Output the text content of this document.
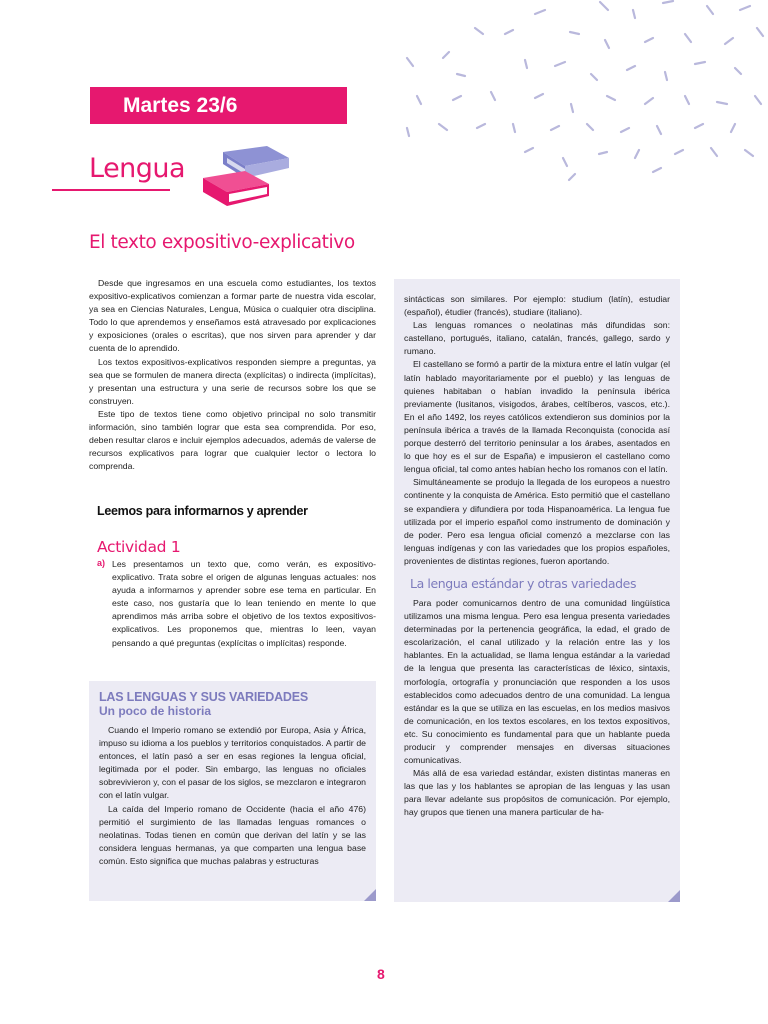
Martes 23/6
Lengua
El texto expositivo-explicativo

Desde que ingresamos en una escuela como estudiantes, los textos expositivo-explicativos comienzan a formar parte de nuestra vida escolar, ya sea en Ciencias Naturales, Lengua, Música o cualquier otra disciplina. Todo lo que aprendemos y enseñamos está atravesado por explicaciones y exposiciones (orales o escritas), que nos sirven para aprender y dar cuenta de lo aprendido.

Los textos expositivos-explicativos responden siempre a preguntas, ya sea que se formulen de manera directa (explícitas) o indirecta (implícitas), y presentan una estructura y una serie de recursos sobre los que se construyen.

Este tipo de textos tiene como objetivo principal no solo transmitir información, sino también lograr que esta sea comprendida. Por eso, deben resultar claros e incluir ejemplos adecuados, además de valerse de recursos explicativos para lograr que cualquier lector o lectora lo comprenda.

Leemos para informarnos y aprender
Actividad 1
a) Les presentamos un texto que, como verán, es expositivo-explicativo. Trata sobre el origen de algunas lenguas actuales: nos ayuda a informarnos y aprender sobre ese tema en particular. En este caso, nos gustaría que lo lean teniendo en mente lo que aprendimos más arriba sobre el objetivo de los textos expositivos-explicativos. Les proponemos que, mientras lo leen, vayan pensando a qué preguntas (explícitas o implícitas) responde.

LAS LENGUAS Y SUS VARIEDADES
Un poco de historia

Cuando el Imperio romano se extendió por Europa, Asia y África, impuso su idioma a los pueblos y territorios conquistados. A partir de entonces, el latín pasó a ser en esas regiones la lengua oficial, legitimada por el poder. Sin embargo, las lenguas no oficiales sobrevivieron y, con el pasar de los siglos, se mezclaron e integraron con el latín vulgar.

La caída del Imperio romano de Occidente (hacia el año 476) permitió el surgimiento de las llamadas lenguas romances o neolatinas. Todas tienen en común que derivan del latín y se las considera lenguas hermanas, ya que comparten una lengua base común. Esto significa que muchas palabras y estructuras

sintácticas son similares. Por ejemplo: studium (latín), estudiar (español), étudier (francés), studiare (italiano).

Las lenguas romances o neolatinas más difundidas son: castellano, portugués, italiano, catalán, francés, gallego, sardo y rumano.

El castellano se formó a partir de la mixtura entre el latín vulgar (el latín hablado mayoritariamente por el pueblo) y las lenguas de quienes habitaban o habían invadido la península ibérica previamente (lusitanos, visigodos, árabes, celtíberos, vascos, etc.). En el año 1492, los reyes católicos extendieron sus dominios por la península ibérica a través de la llamada Reconquista (conocida así porque desterró del territorio peninsular a los árabes, asentados en lo que hoy es el sur de España) e impusieron el castellano como lengua oficial, tal como antes habían hecho los romanos con el latín.

Simultáneamente se produjo la llegada de los europeos a nuestro continente y la conquista de América. Esto permitió que el castellano se expandiera y difundiera por toda Hispanoamérica. La lengua fue utilizada por el imperio español como instrumento de dominación y de poder. Pero esa lengua oficial comenzó a mezclarse con las lenguas indígenas y con las variedades que los propios españoles, provenientes de distintas regiones, fueron aportando.

La lengua estándar y otras variedades

Para poder comunicarnos dentro de una comunidad lingüística utilizamos una misma lengua. Pero esa lengua presenta variedades determinadas por la pertenencia geográfica, la edad, el grado de escolarización, el canal utilizado y la relación entre las y los hablantes. En la actualidad, se llama lengua estándar a la variedad de la lengua que presenta las características de léxico, sintaxis, morfología, ortografía y pronunciación que responden a los usos establecidos como adecuados dentro de una comunidad. La lengua estándar es la que se utiliza en las escuelas, en los medios masivos de comunicación, en los textos escolares, en los textos expositivos, etc. Su conocimiento es fundamental para que un hablante pueda producir y comprender mensajes en diversas situaciones comunicativas.

Más allá de esa variedad estándar, existen distintas maneras en las que las y los hablantes se apropian de las lenguas y las usan para llevar adelante sus propósitos de comunicación. Por ejemplo, hay grupos que tienen una manera particular de ha-

8
